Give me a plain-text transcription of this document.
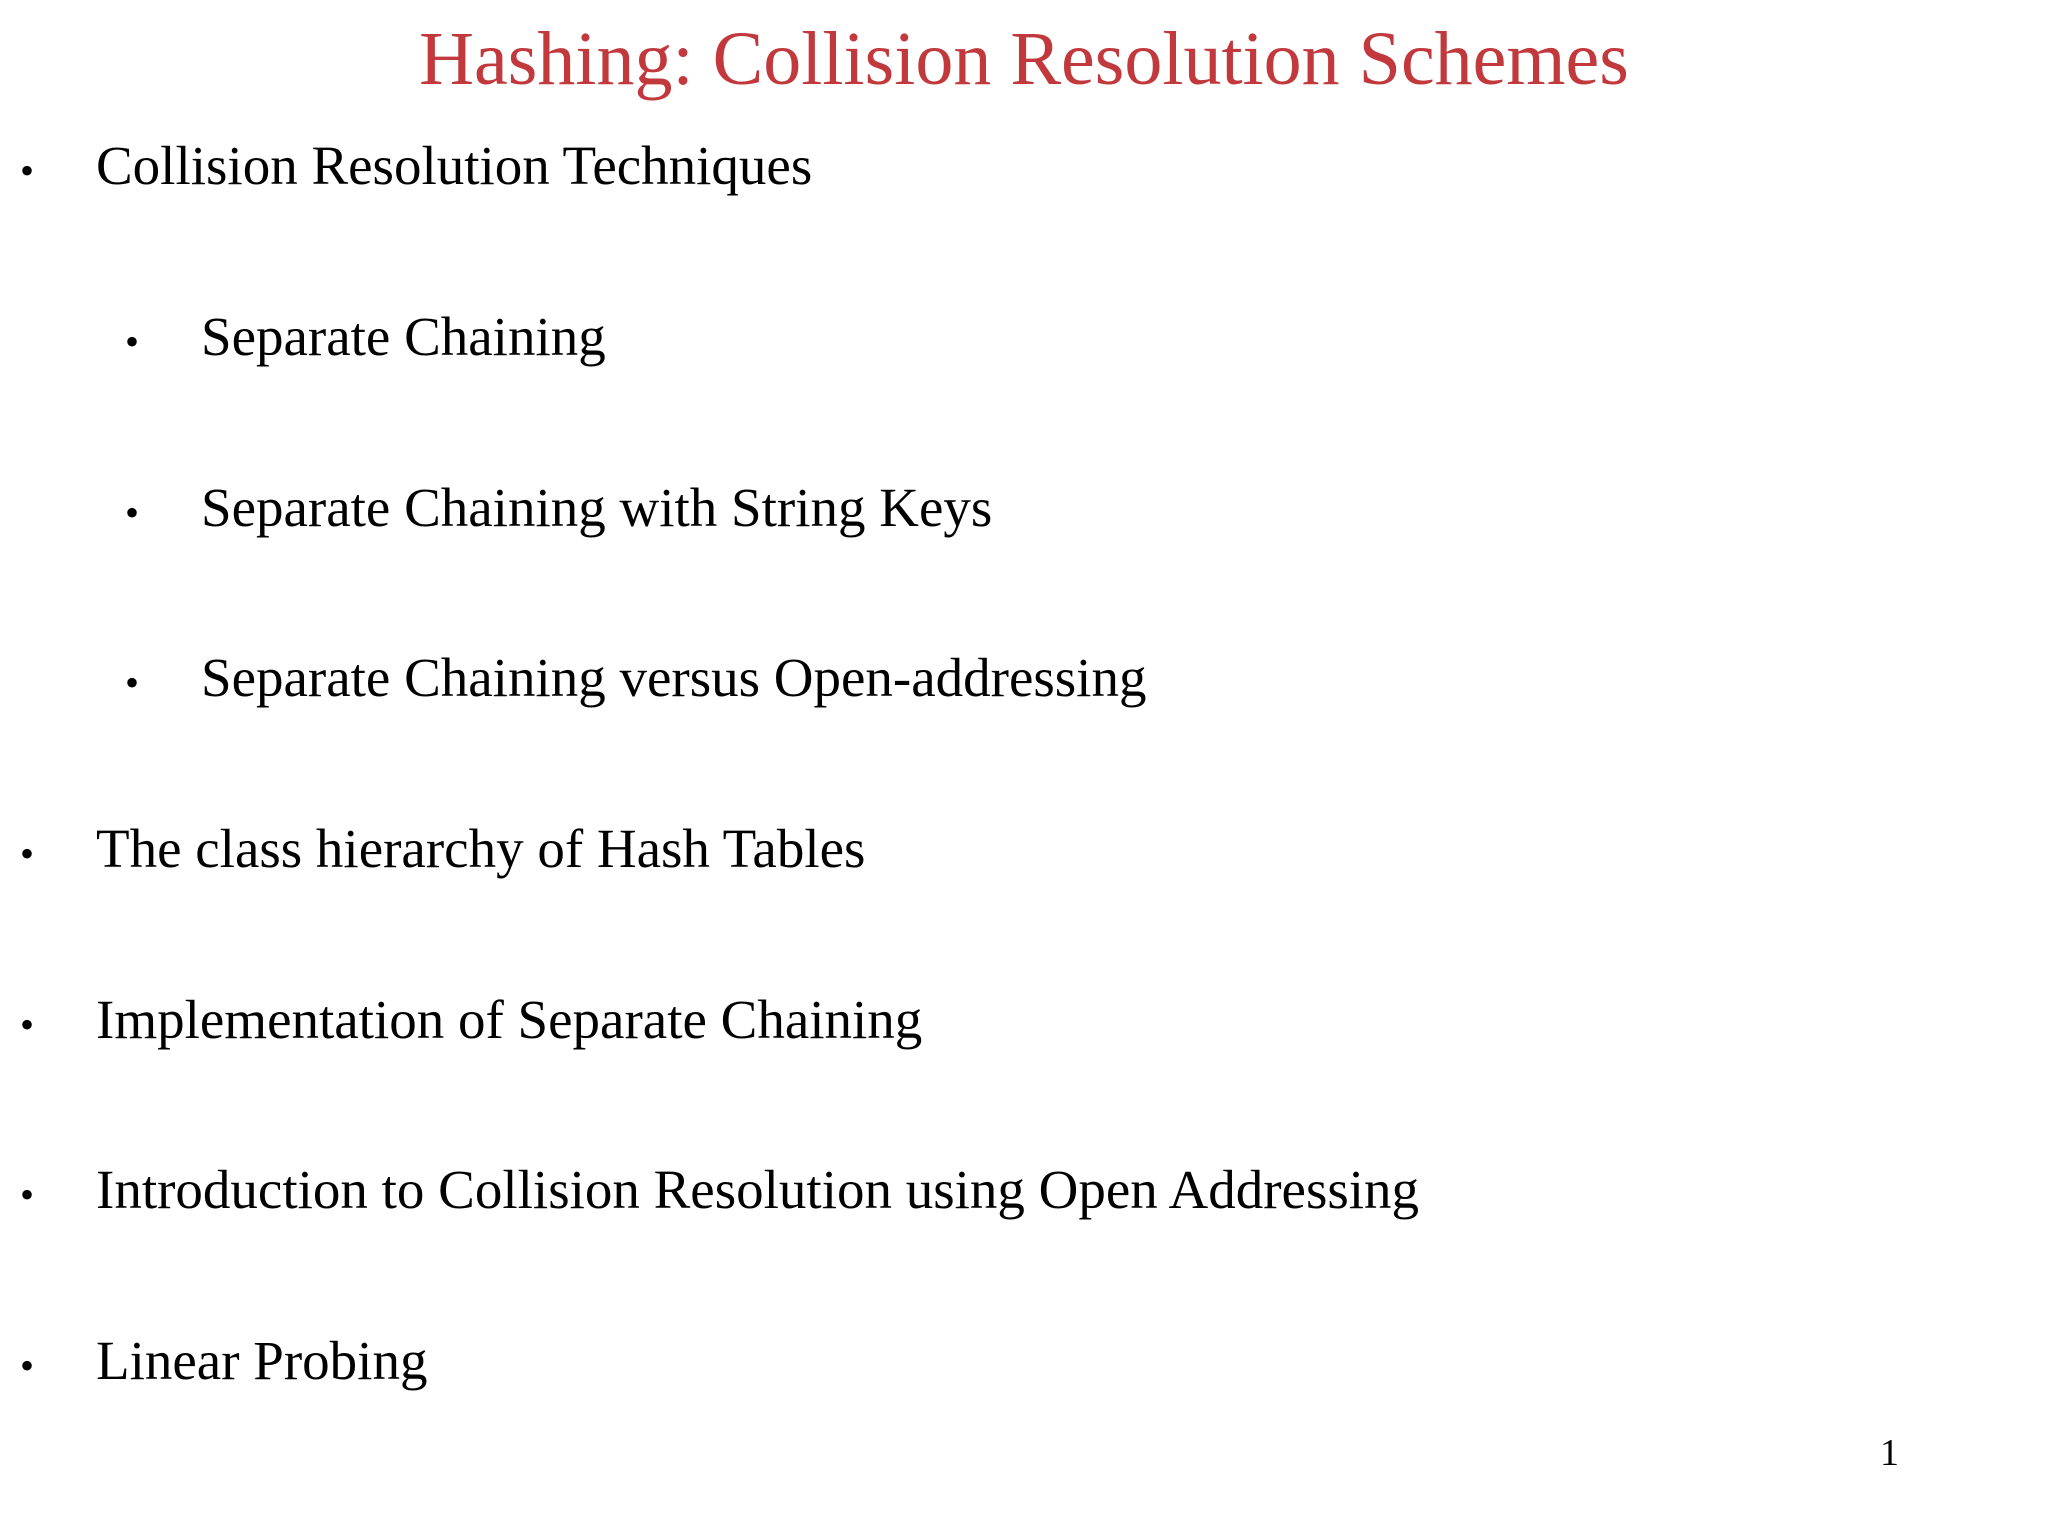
Hashing: Collision Resolution Schemes
• Collision Resolution Techniques
• Separate Chaining
• Separate Chaining with String Keys
• Separate Chaining versus Open-addressing
• The class hierarchy of Hash Tables
• Implementation of Separate Chaining
• Introduction to Collision Resolution using Open Addressing
• Linear Probing
1
